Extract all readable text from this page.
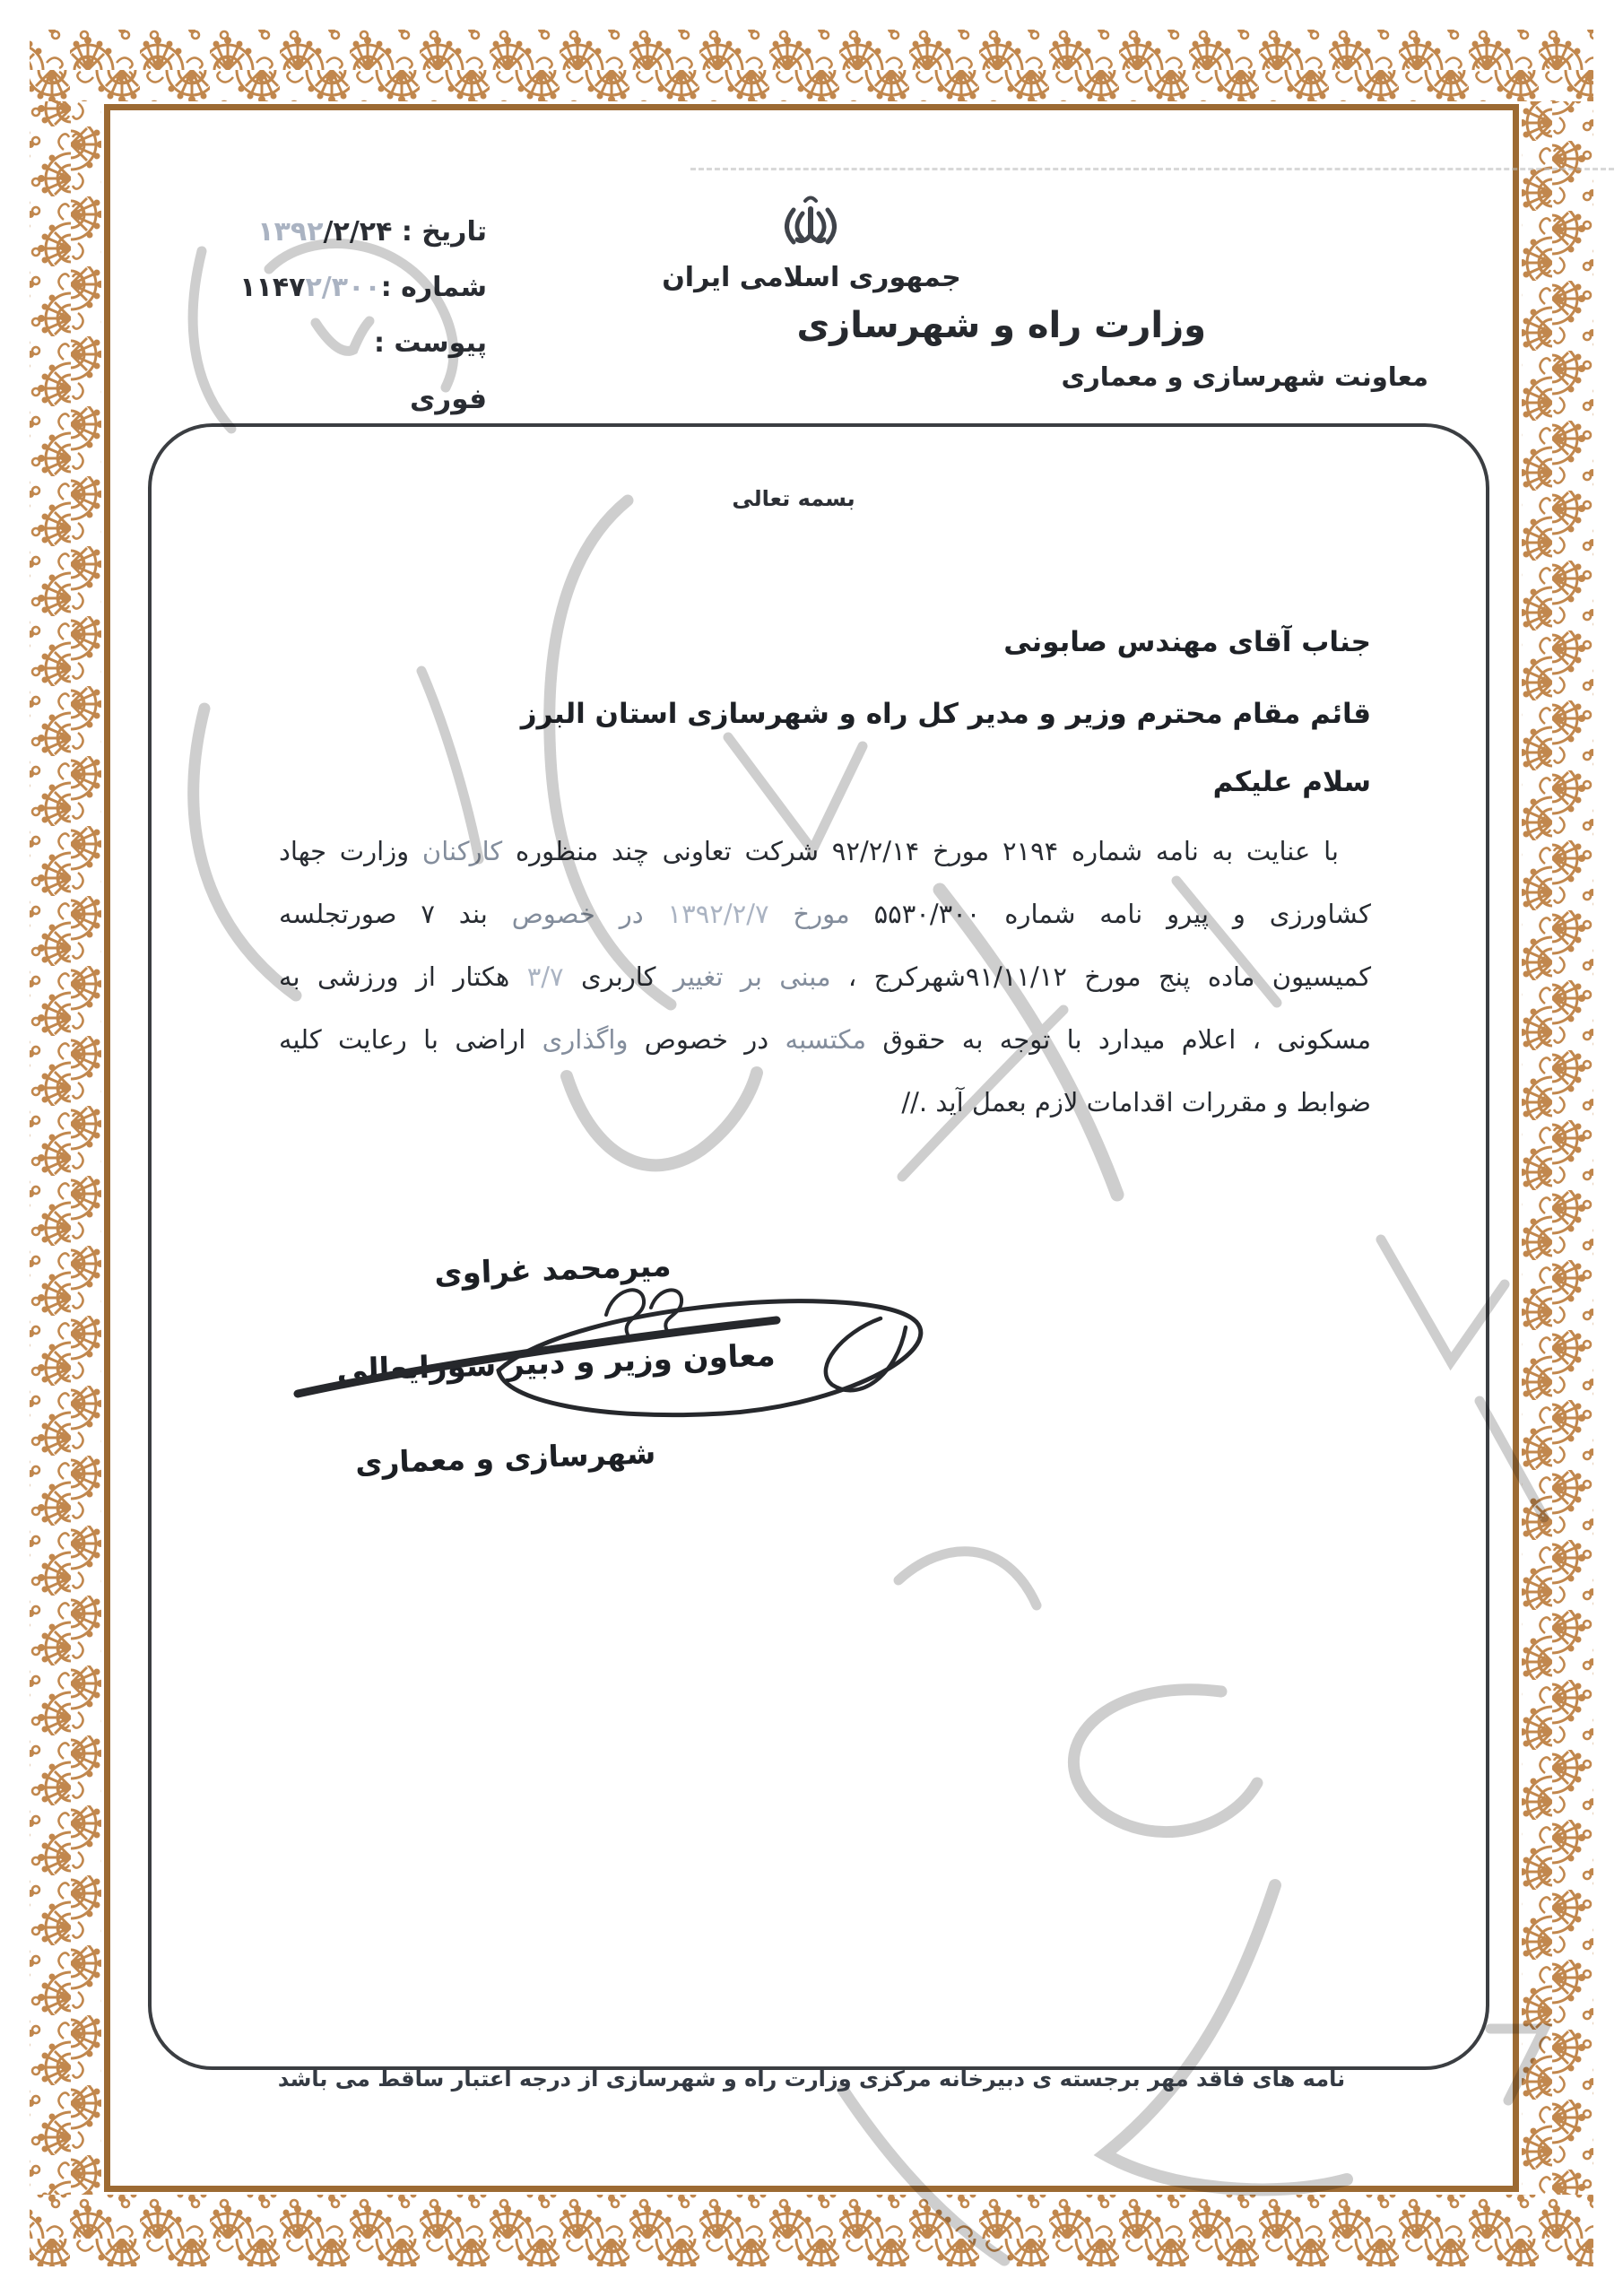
تاریخ : ۱۳۹۲/۲/۲۴
شماره :۱۱۴۷۲/۳۰۰
پیوست :
فوری
جمهوری اسلامی ایران
وزارت راه و شهرسازی
معاونت شهرسازی و معماری
بسمه تعالی
جناب آقای مهندس صابونی
قائم مقام محترم وزیر و مدیر کل راه و شهرسازی استان البرز
سلام علیکم
با عنایت به نامه شماره ۲۱۹۴ مورخ ۹۲/۲/۱۴ شرکت تعاونی چند منظوره کارکنان وزارت جهاد
کشاورزی و پیرو نامه شماره ۵۵۳۰/۳۰۰ مورخ ۱۳۹۲/۲/۷ در خصوص بند ۷ صورتجلسه
کمیسیون ماده پنج مورخ ۹۱/۱۱/۱۲شهرکرج ، مبنی بر تغییر کاربری ۳/۷ هکتار از ورزشی به
مسکونی ، اعلام میدارد با توجه به حقوق مکتسبه در خصوص واگذاری اراضی با رعایت کلیه
ضوابط و مقررات اقدامات لازم بعمل آید .//
میرمحمد غراوی
معاون وزیر و دبیر شورایعالی
شهرسازی و معماری
نامه های فاقد مهر برجسته ی دبیرخانه مرکزی وزارت راه و شهرسازی از درجه اعتبار ساقط می باشد
